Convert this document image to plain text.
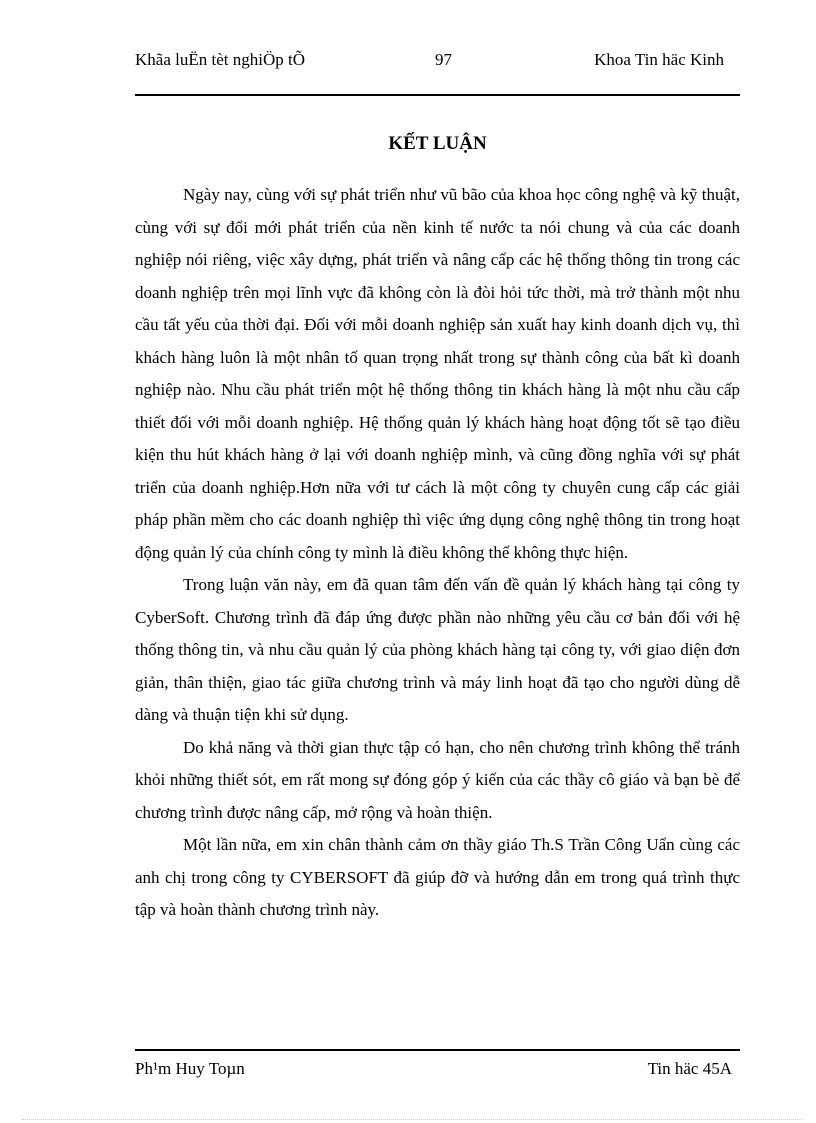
Khãa luËn tèt nghiÖp tÕ	97	Khoa Tin häc Kinh
KẾT LUẬN

Ngày nay, cùng với sự phát triển như vũ bão của khoa học công nghệ và kỹ thuật, cùng với sự đổi mới phát triển của nền kinh tế nước ta nói chung và của các doanh nghiệp nói riêng, việc xây dựng, phát triển và nâng cấp các hệ thống thông tin trong các doanh nghiệp trên mọi lĩnh vực đã không còn là đòi hỏi tức thời, mà trở thành một nhu cầu tất yếu của thời đại. Đối với mỗi doanh nghiệp sản xuất hay kinh doanh dịch vụ, thì khách hàng luôn là một nhân tố quan trọng nhất trong sự thành công của bất kì doanh nghiệp nào. Nhu cầu phát triển một hệ thống thông tin khách hàng là một nhu cầu cấp thiết đối với mỗi doanh nghiệp. Hệ thống quản lý khách hàng hoạt động tốt sẽ tạo điều kiện thu hút khách hàng ở lại với doanh nghiệp mình, và cũng đồng nghĩa với sự phát triển của doanh nghiệp.Hơn nữa với tư cách là một công ty chuyên cung cấp các giải pháp phần mềm cho các doanh nghiệp thì việc ứng dụng công nghệ thông tin trong hoạt động quản lý của chính công ty mình là điều không thể không thực hiện.

Trong luận văn này, em đã quan tâm đến vấn đề quản lý khách hàng tại công ty CyberSoft. Chương trình đã đáp ứng được phần nào những yêu cầu cơ bản đối với hệ thống thông tin, và nhu cầu quản lý của phòng khách hàng tại công ty, với giao diện đơn giản, thân thiện, giao tác giữa chương trình và máy linh hoạt đã tạo cho người dùng dễ dàng và thuận tiện khi sử dụng.

Do khả năng và thời gian thực tập có hạn, cho nên chương trình không thể tránh khỏi những thiết sót, em rất mong sự đóng góp ý kiến của các thầy cô giáo và bạn bè để chương trình được nâng cấp, mở rộng và hoàn thiện.

Một lần nữa, em xin chân thành cảm ơn thầy giáo Th.S Trần Công Uẩn cùng các anh chị trong công ty CYBERSOFT đã giúp đỡ và hướng dẫn em trong quá trình thực tập và hoàn thành chương trình này.

Ph¹m Huy Toµn	Tin häc 45A
